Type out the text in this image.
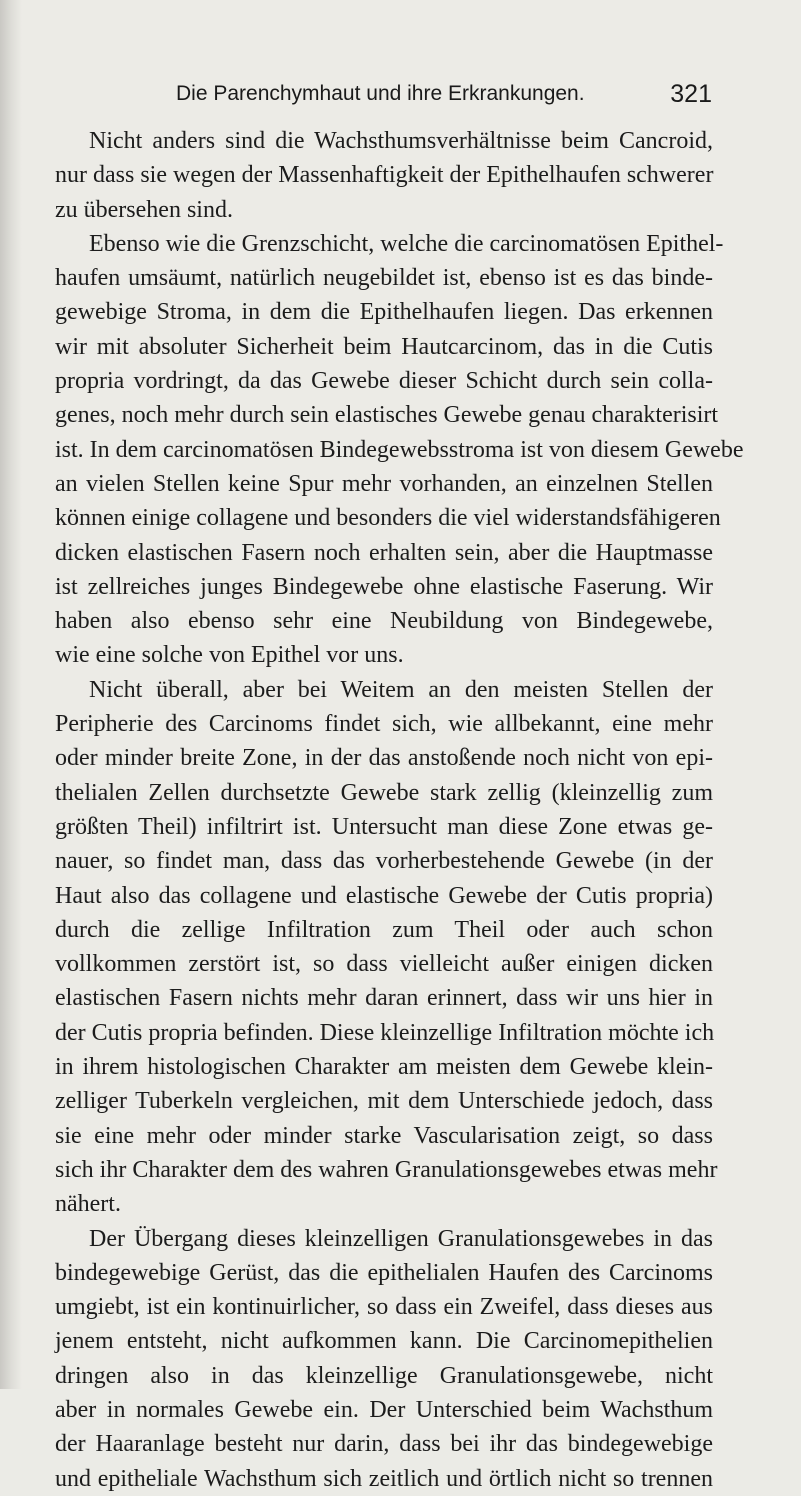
Die Parenchymhaut und ihre Erkrankungen.	321
Nicht anders sind die Wachsthumsverhältnisse beim Cancroid,
nur dass sie wegen der Massenhaftigkeit der Epithelhaufen schwerer
zu übersehen sind.
Ebenso wie die Grenzschicht, welche die carcinomatösen Epithel-
haufen umsäumt, natürlich neugebildet ist, ebenso ist es das binde-
gewebige Stroma, in dem die Epithelhaufen liegen. Das erkennen
wir mit absoluter Sicherheit beim Hautcarcinom, das in die Cutis
propria vordringt, da das Gewebe dieser Schicht durch sein colla-
genes, noch mehr durch sein elastisches Gewebe genau charakterisirt
ist. In dem carcinomatösen Bindegewebsstroma ist von diesem Gewebe
an vielen Stellen keine Spur mehr vorhanden, an einzelnen Stellen
können einige collagene und besonders die viel widerstandsfähigeren
dicken elastischen Fasern noch erhalten sein, aber die Hauptmasse
ist zellreiches junges Bindegewebe ohne elastische Faserung. Wir
haben also ebenso sehr eine Neubildung von Bindegewebe,
wie eine solche von Epithel vor uns.
Nicht überall, aber bei Weitem an den meisten Stellen der
Peripherie des Carcinoms findet sich, wie allbekannt, eine mehr
oder minder breite Zone, in der das anstoßende noch nicht von epi-
thelialen Zellen durchsetzte Gewebe stark zellig (kleinzellig zum
größten Theil) infiltrirt ist. Untersucht man diese Zone etwas ge-
nauer, so findet man, dass das vorherbestehende Gewebe (in der
Haut also das collagene und elastische Gewebe der Cutis propria)
durch die zellige Infiltration zum Theil oder auch schon
vollkommen zerstört ist, so dass vielleicht außer einigen dicken
elastischen Fasern nichts mehr daran erinnert, dass wir uns hier in
der Cutis propria befinden. Diese kleinzellige Infiltration möchte ich
in ihrem histologischen Charakter am meisten dem Gewebe klein-
zelliger Tuberkeln vergleichen, mit dem Unterschiede jedoch, dass
sie eine mehr oder minder starke Vascularisation zeigt, so dass
sich ihr Charakter dem des wahren Granulationsgewebes etwas mehr
nähert.
Der Übergang dieses kleinzelligen Granulationsgewebes in das
bindegewebige Gerüst, das die epithelialen Haufen des Carcinoms
umgiebt, ist ein kontinuirlicher, so dass ein Zweifel, dass dieses aus
jenem entsteht, nicht aufkommen kann. Die Carcinomepithelien
dringen also in das kleinzellige Granulationsgewebe, nicht
aber in normales Gewebe ein. Der Unterschied beim Wachsthum
der Haaranlage besteht nur darin, dass bei ihr das bindegewebige
und epitheliale Wachsthum sich zeitlich und örtlich nicht so trennen
